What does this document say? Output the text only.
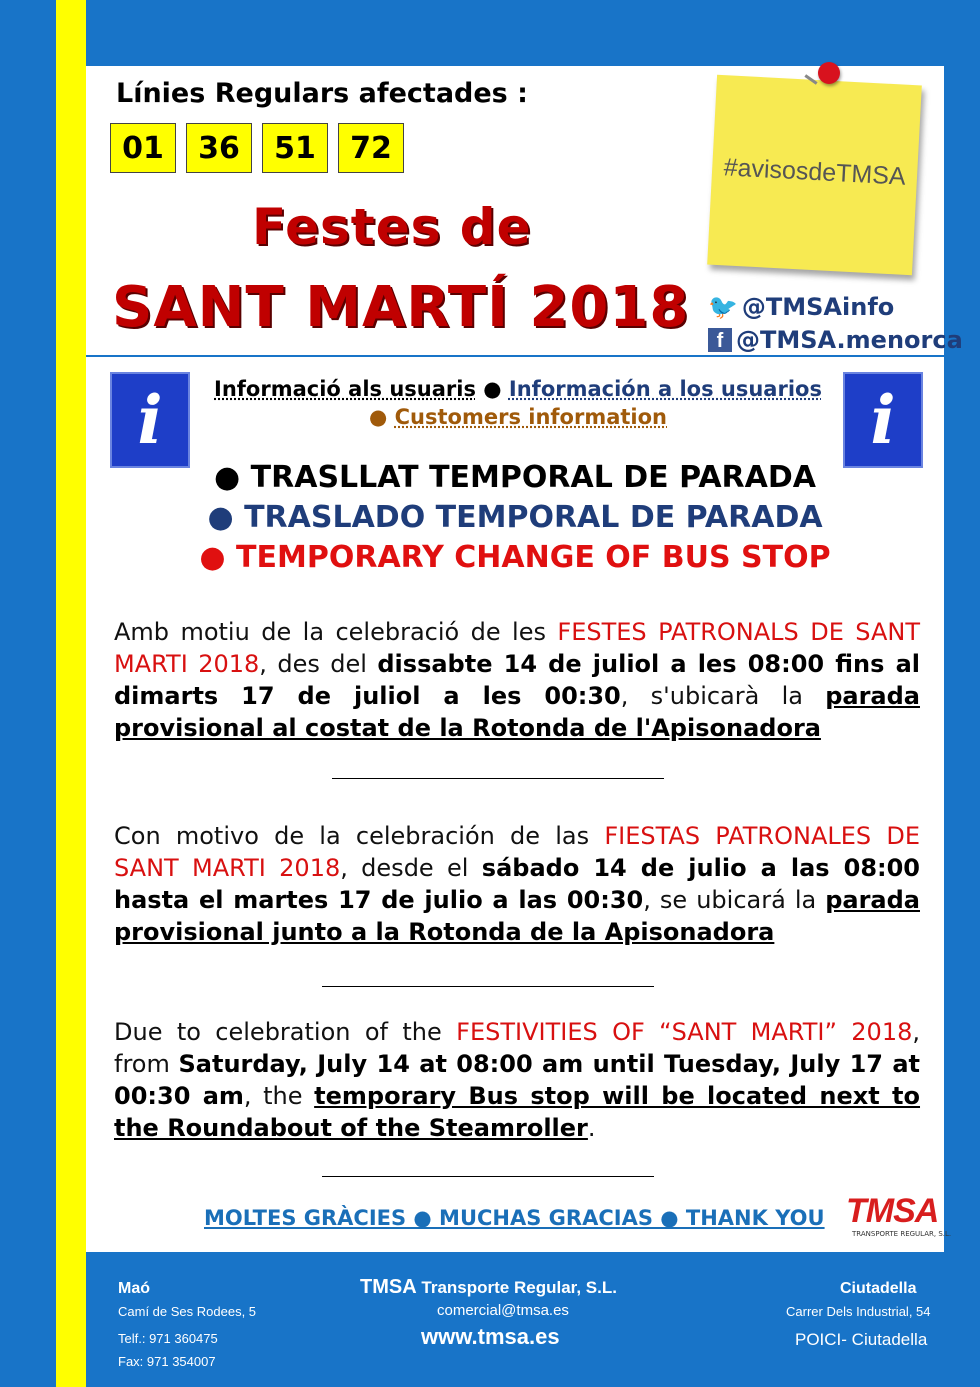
Línies Regulars afectades :
01	36	51	72
Festes de
SANT MARTÍ 2018
#avisosdeTMSA
🐦 @TMSAinfo
f @TMSA.menorca
i	i
Informació als usuaris ● Información a los usuarios
● Customers information
● TRASLLAT TEMPORAL DE PARADA
● TRASLADO TEMPORAL DE PARADA
● TEMPORARY CHANGE OF BUS STOP
Amb motiu de la celebració de les FESTES PATRONALS DE SANT MARTI 2018, des del dissabte 14 de juliol a les 08:00 fins al dimarts 17 de juliol a les 00:30, s'ubicarà la parada provisional al costat de la Rotonda de l'Apisonadora
Con motivo de la celebración de las FIESTAS PATRONALES DE SANT MARTI 2018, desde el sábado 14 de julio a las 08:00 hasta el martes 17 de julio a las 00:30, se ubicará la parada provisional junto a la Rotonda de la Apisonadora
Due to celebration of the FESTIVITIES OF “SANT MARTI” 2018, from Saturday, July 14 at 08:00 am until Tuesday, July 17 at 00:30 am, the temporary Bus stop will be located next to the Roundabout of the Steamroller.
MOLTES GRÀCIES ● MUCHAS GRACIAS ● THANK YOU TMSA
TRANSPORTE REGULAR, S.L.
Maó
Camí de Ses Rodees, 5
Telf.: 971 360475
Fax: 971 354007
TMSA Transporte Regular, S.L.
comercial@tmsa.es
www.tmsa.es
Ciutadella
Carrer Dels Industrial, 54
POICI- Ciutadella
